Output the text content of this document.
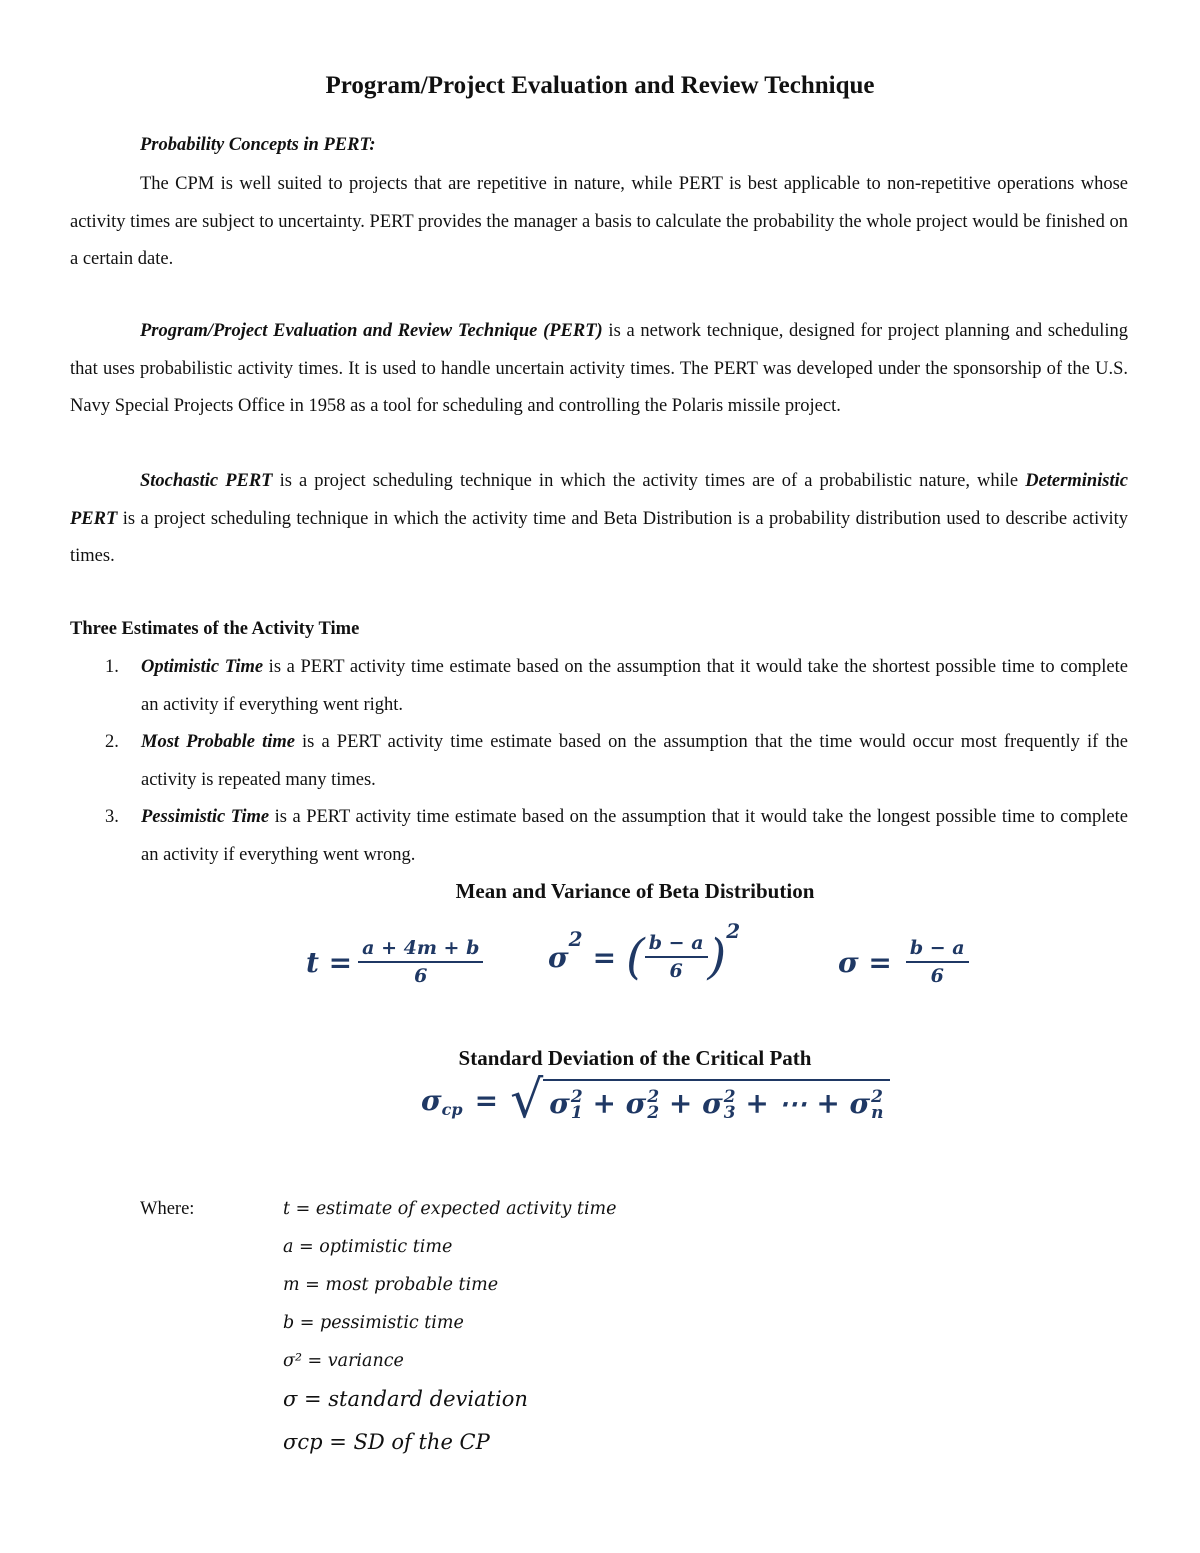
Program/Project Evaluation and Review Technique
Probability Concepts in PERT:

The CPM is well suited to projects that are repetitive in nature, while PERT is best applicable to non-repetitive operations whose activity times are subject to uncertainty. PERT provides the manager a basis to calculate the probability the whole project would be finished on a certain date.

Program/Project Evaluation and Review Technique (PERT) is a network technique, designed for project planning and scheduling that uses probabilistic activity times. It is used to handle uncertain activity times. The PERT was developed under the sponsorship of the U.S. Navy Special Projects Office in 1958 as a tool for scheduling and controlling the Polaris missile project.

Stochastic PERT is a project scheduling technique in which the activity times are of a probabilistic nature, while Deterministic PERT is a project scheduling technique in which the activity time and Beta Distribution is a probability distribution used to describe activity times.

Three Estimates of the Activity Time
1. Optimistic Time is a PERT activity time estimate based on the assumption that it would take the shortest possible time to complete an activity if everything went right.
2. Most Probable time is a PERT activity time estimate based on the assumption that the time would occur most frequently if the activity is repeated many times.
3. Pessimistic Time is a PERT activity time estimate based on the assumption that it would take the longest possible time to complete an activity if everything went wrong.
Mean and Variance of Beta Distribution
$t = \frac{a + 4m + b}{6}$ σ
2
= ( $\frac{b - a}{6}$ ) 2
$\sigma = \frac{b - a}{6}$
Standard Deviation of the Critical Path
σ cp = √ σ 2
1 + σ 2
2 + σ 2
3 + ⋯ + σ 2
n
Where:	t = estimate of expected activity time
a = optimistic time
m = most probable time
b = pessimistic time
σ² = variance
σ = standard deviation
σcp = SD of the CP
